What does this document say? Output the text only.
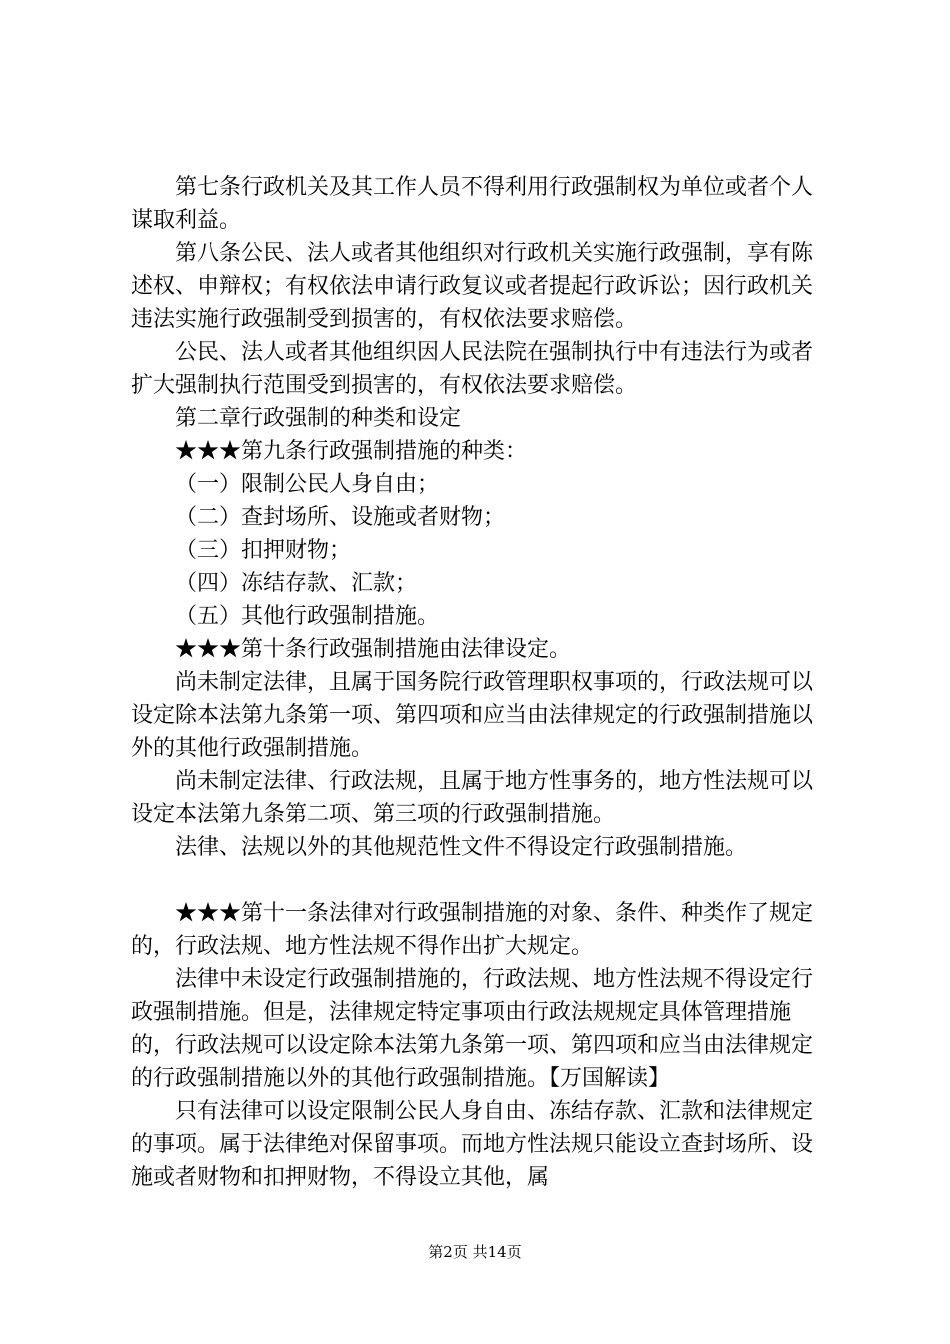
第七条行政机关及其工作人员不得利用行政强制权为单位或者个人谋取利益。

第八条公民、法人或者其他组织对行政机关实施行政强制，享有陈述权、申辩权；有权依法申请行政复议或者提起行政诉讼；因行政机关违法实施行政强制受到损害的，有权依法要求赔偿。

公民、法人或者其他组织因人民法院在强制执行中有违法行为或者扩大强制执行范围受到损害的，有权依法要求赔偿。

第二章行政强制的种类和设定

★★★第九条行政强制措施的种类：

（一）限制公民人身自由；

（二）查封场所、设施或者财物；

（三）扣押财物；

（四）冻结存款、汇款；

（五）其他行政强制措施。

★★★第十条行政强制措施由法律设定。

尚未制定法律，且属于国务院行政管理职权事项的，行政法规可以设定除本法第九条第一项、第四项和应当由法律规定的行政强制措施以外的其他行政强制措施。

尚未制定法律、行政法规，且属于地方性事务的，地方性法规可以设定本法第九条第二项、第三项的行政强制措施。

法律、法规以外的其他规范性文件不得设定行政强制措施。

★★★第十一条法律对行政强制措施的对象、条件、种类作了规定的，行政法规、地方性法规不得作出扩大规定。

法律中未设定行政强制措施的，行政法规、地方性法规不得设定行政强制措施。但是，法律规定特定事项由行政法规规定具体管理措施的，行政法规可以设定除本法第九条第一项、第四项和应当由法律规定的行政强制措施以外的其他行政强制措施。【万国解读】

只有法律可以设定限制公民人身自由、冻结存款、汇款和法律规定的事项。属于法律绝对保留事项。而地方性法规只能设立查封场所、设施或者财物和扣押财物，不得设立其他，属

第2页 共14页
